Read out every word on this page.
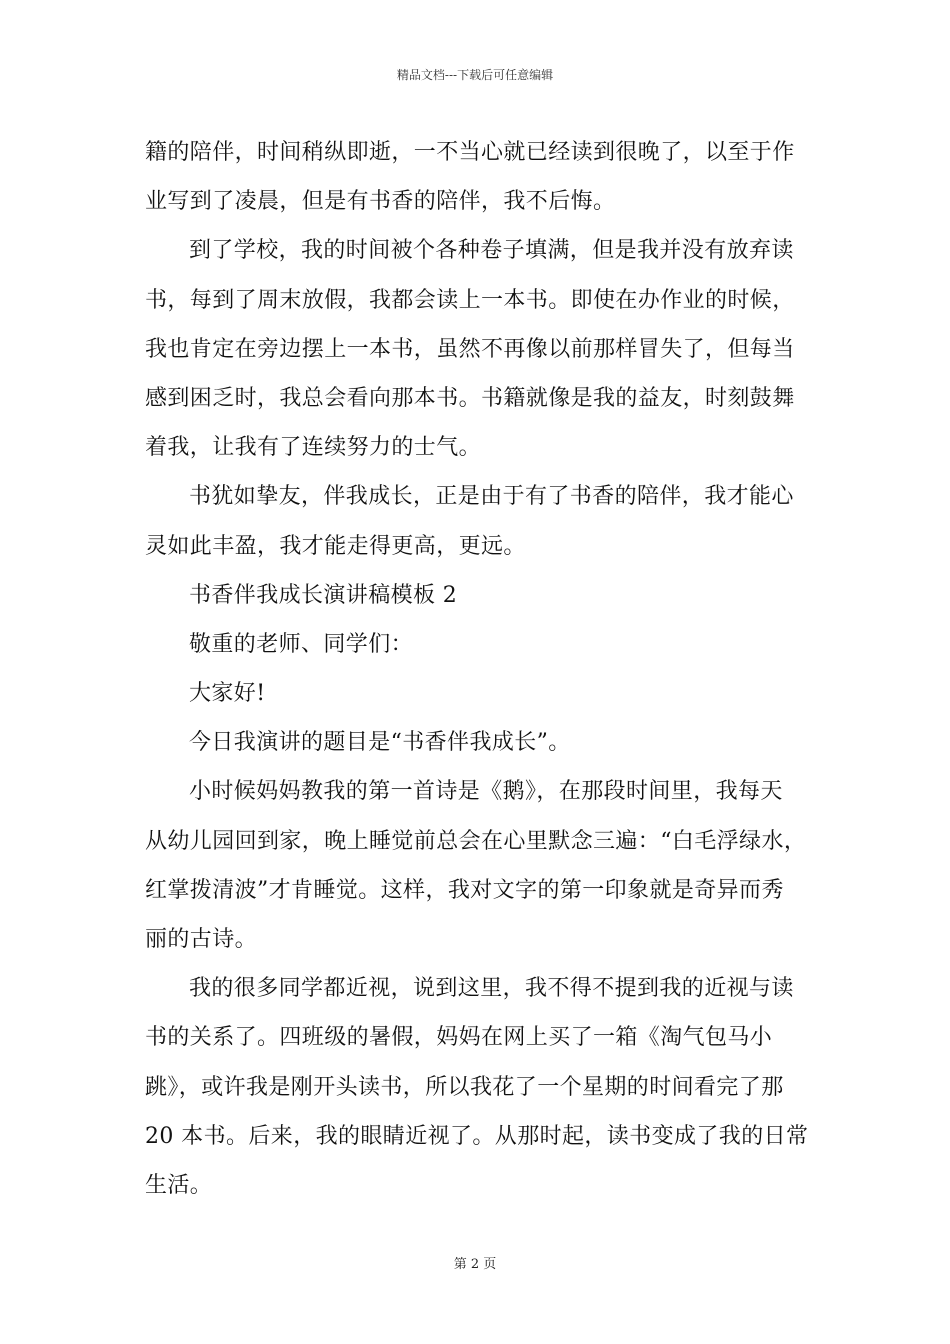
精品文档---下载后可任意编辑
籍的陪伴，时间稍纵即逝，一不当心就已经读到很晚了，以至于作
业写到了凌晨，但是有书香的陪伴，我不后悔。
到了学校，我的时间被个各种卷子填满，但是我并没有放弃读
书，每到了周末放假，我都会读上一本书。即使在办作业的时候，
我也肯定在旁边摆上一本书，虽然不再像以前那样冒失了，但每当
感到困乏时，我总会看向那本书。书籍就像是我的益友，时刻鼓舞
着我，让我有了连续努力的士气。
书犹如挚友，伴我成长，正是由于有了书香的陪伴，我才能心
灵如此丰盈，我才能走得更高，更远。
书香伴我成长演讲稿模板 2
敬重的老师、同学们：
大家好!
今日我演讲的题目是“书香伴我成长”。
小时候妈妈教我的第一首诗是《鹅》，在那段时间里，我每天
从幼儿园回到家，晚上睡觉前总会在心里默念三遍：“白毛浮绿水，
红掌拨清波”才肯睡觉。这样，我对文字的第一印象就是奇异而秀
丽的古诗。
我的很多同学都近视，说到这里，我不得不提到我的近视与读
书的关系了。四班级的暑假，妈妈在网上买了一箱《淘气包马小
跳》，或许我是刚开头读书，所以我花了一个星期的时间看完了那
20 本书。后来，我的眼睛近视了。从那时起，读书变成了我的日常
生活。
第 2 页
